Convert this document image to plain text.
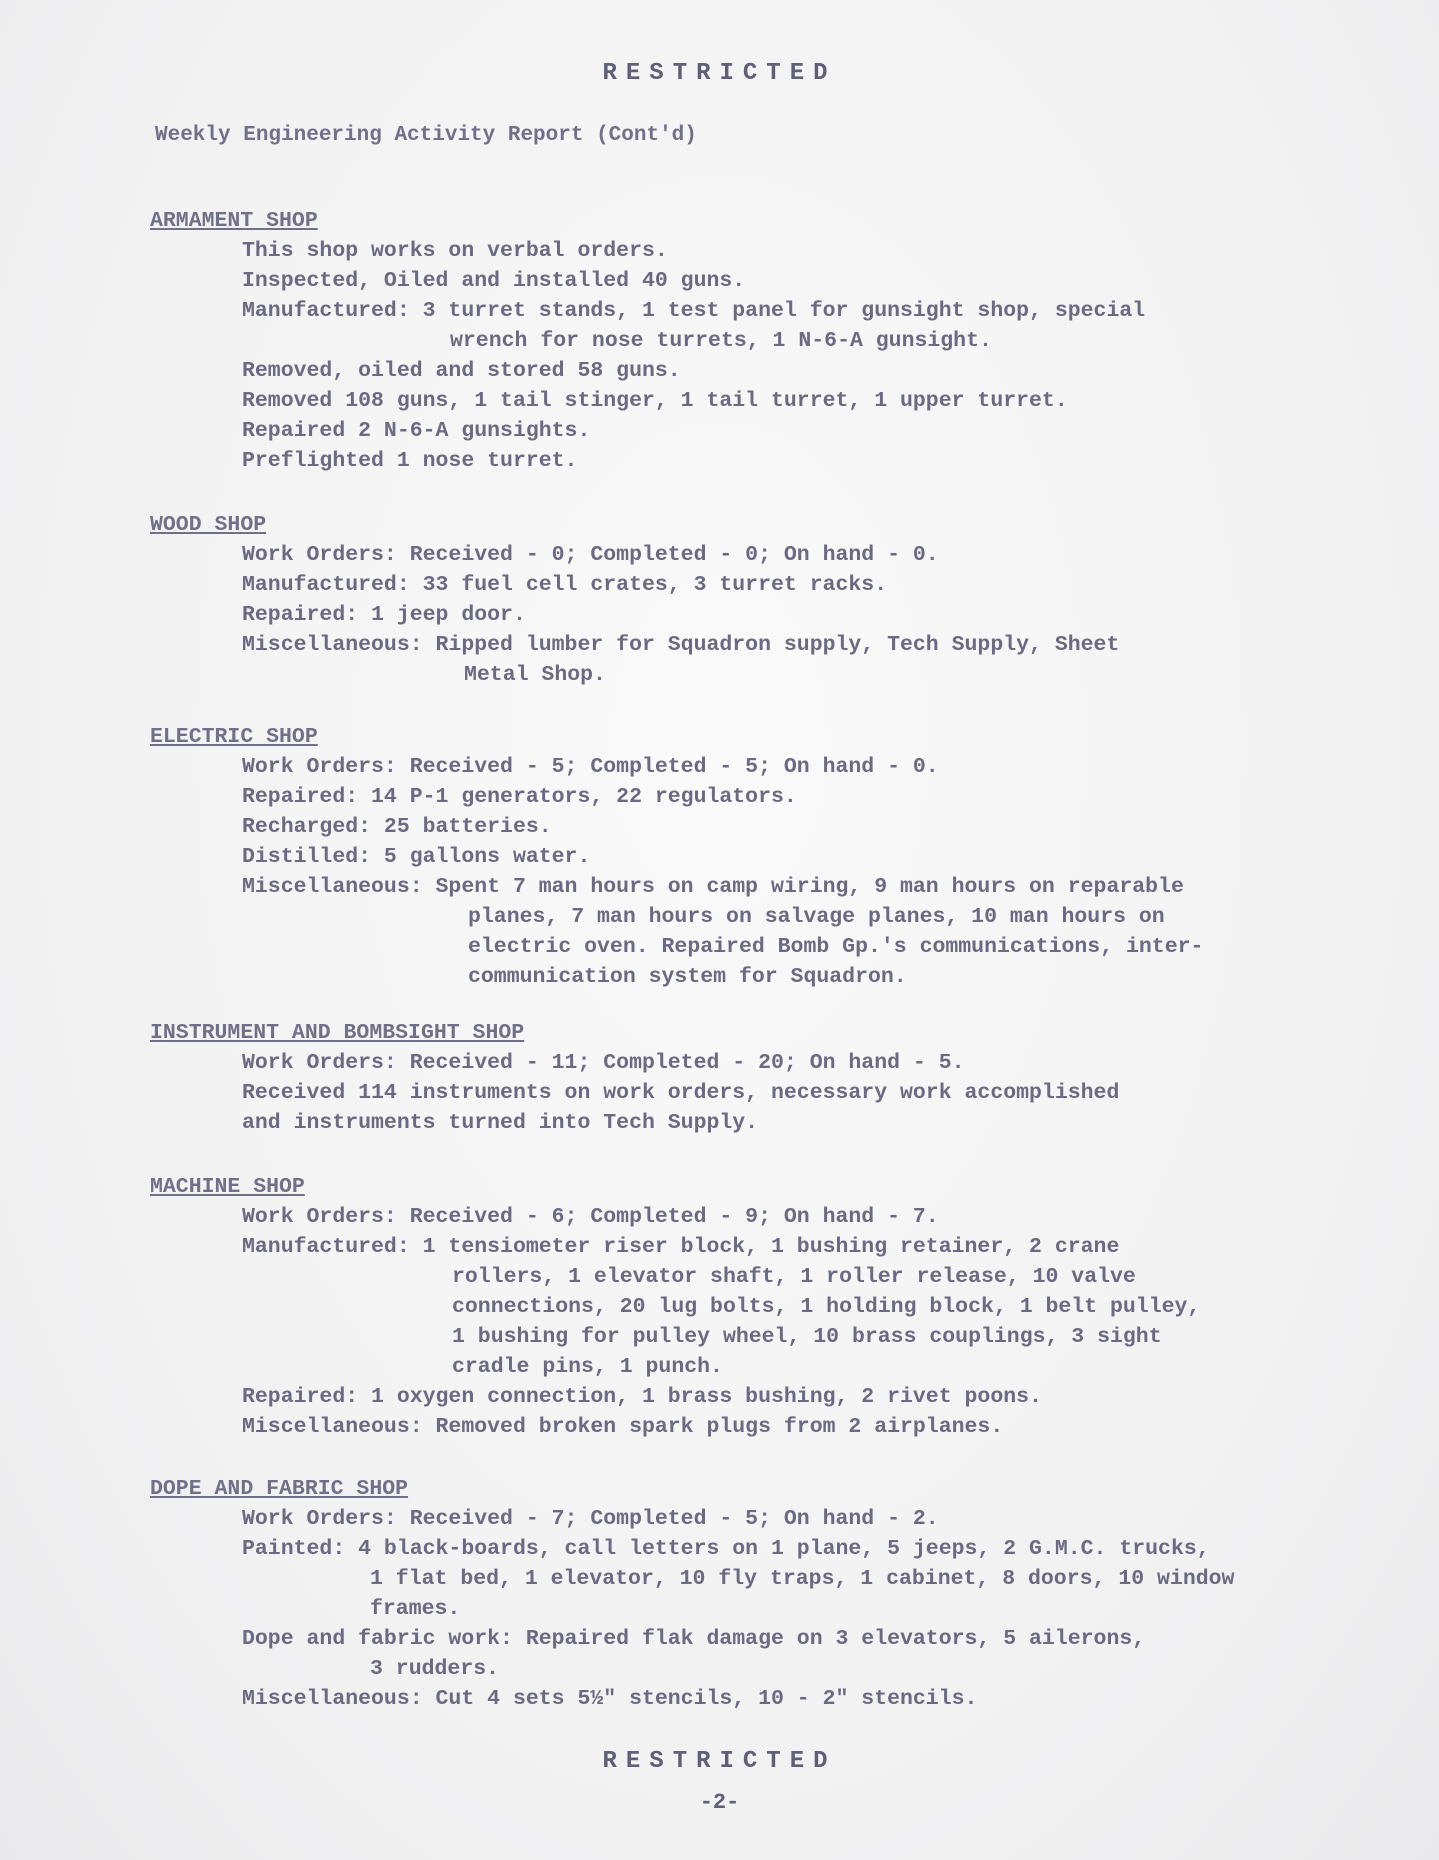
RESTRICTED
Weekly Engineering Activity Report (Cont'd)
ARMAMENT SHOP
This shop works on verbal orders.
Inspected, Oiled and installed 40 guns.
Manufactured: 3 turret stands, 1 test panel for gunsight shop, special
wrench for nose turrets, 1 N-6-A gunsight.
Removed, oiled and stored 58 guns.
Removed 108 guns, 1 tail stinger, 1 tail turret, 1 upper turret.
Repaired 2 N-6-A gunsights.
Preflighted 1 nose turret.
WOOD SHOP
Work Orders: Received - 0; Completed - 0; On hand - 0.
Manufactured: 33 fuel cell crates, 3 turret racks.
Repaired: 1 jeep door.
Miscellaneous: Ripped lumber for Squadron supply, Tech Supply, Sheet
Metal Shop.
ELECTRIC SHOP
Work Orders: Received - 5; Completed - 5; On hand - 0.
Repaired: 14 P-1 generators, 22 regulators.
Recharged: 25 batteries.
Distilled: 5 gallons water.
Miscellaneous: Spent 7 man hours on camp wiring, 9 man hours on reparable
planes, 7 man hours on salvage planes, 10 man hours on
electric oven. Repaired Bomb Gp.'s communications, inter-
communication system for Squadron.
INSTRUMENT AND BOMBSIGHT SHOP
Work Orders: Received - 11; Completed - 20; On hand - 5.
Received 114 instruments on work orders, necessary work accomplished
and instruments turned into Tech Supply.
MACHINE SHOP
Work Orders: Received - 6; Completed - 9; On hand - 7.
Manufactured: 1 tensiometer riser block, 1 bushing retainer, 2 crane
rollers, 1 elevator shaft, 1 roller release, 10 valve
connections, 20 lug bolts, 1 holding block, 1 belt pulley,
1 bushing for pulley wheel, 10 brass couplings, 3 sight
cradle pins, 1 punch.
Repaired: 1 oxygen connection, 1 brass bushing, 2 rivet poons.
Miscellaneous: Removed broken spark plugs from 2 airplanes.
DOPE AND FABRIC SHOP
Work Orders: Received - 7; Completed - 5; On hand - 2.
Painted: 4 black-boards, call letters on 1 plane, 5 jeeps, 2 G.M.C. trucks,
1 flat bed, 1 elevator, 10 fly traps, 1 cabinet, 8 doors, 10 window
frames.
Dope and fabric work: Repaired flak damage on 3 elevators, 5 ailerons,
3 rudders.
Miscellaneous: Cut 4 sets 5½" stencils, 10 - 2" stencils.
RESTRICTED
-2-
